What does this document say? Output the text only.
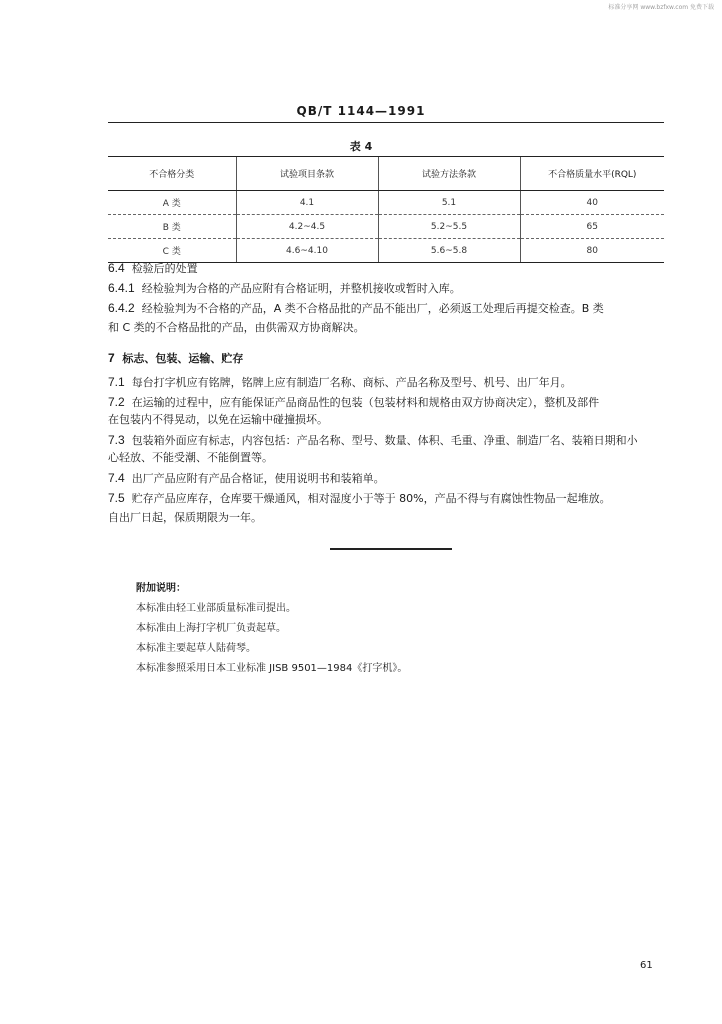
标准分享网 www.bzfxw.com 免费下载
QB/T 1144—1991
表 4
不合格分类	试验项目条款	试验方法条款	不合格质量水平(RQL)
A 类	4.1	5.1	40
B 类	4.2~4.5	5.2~5.5	65
C 类	4.6~4.10	5.6~5.8	80
6.4 检验后的处置
6.4.1 经检验判为合格的产品应附有合格证明，并整机接收或暂时入库。
6.4.2 经检验判为不合格的产品，A 类不合格品批的产品不能出厂，必须返工处理后再提交检查。B 类
和 C 类的不合格品批的产品，由供需双方协商解决。
7 标志、包装、运输、贮存
7.1 每台打字机应有铭牌，铭牌上应有制造厂名称、商标、产品名称及型号、机号、出厂年月。
7.2 在运输的过程中，应有能保证产品商品性的包装（包装材料和规格由双方协商决定），整机及部件
在包装内不得晃动，以免在运输中碰撞损坏。
7.3 包装箱外面应有标志，内容包括：产品名称、型号、数量、体积、毛重、净重、制造厂名、装箱日期和小
心轻放、不能受潮、不能倒置等。
7.4 出厂产品应附有产品合格证，使用说明书和装箱单。
7.5 贮存产品应库存，仓库要干燥通风，相对湿度小于等于 80%，产品不得与有腐蚀性物品一起堆放。
自出厂日起，保质期限为一年。
附加说明：
本标准由轻工业部质量标准司提出。
本标准由上海打字机厂负责起草。
本标准主要起草人陆荷琴。
本标准参照采用日本工业标准 JISB 9501—1984《打字机》。
61
